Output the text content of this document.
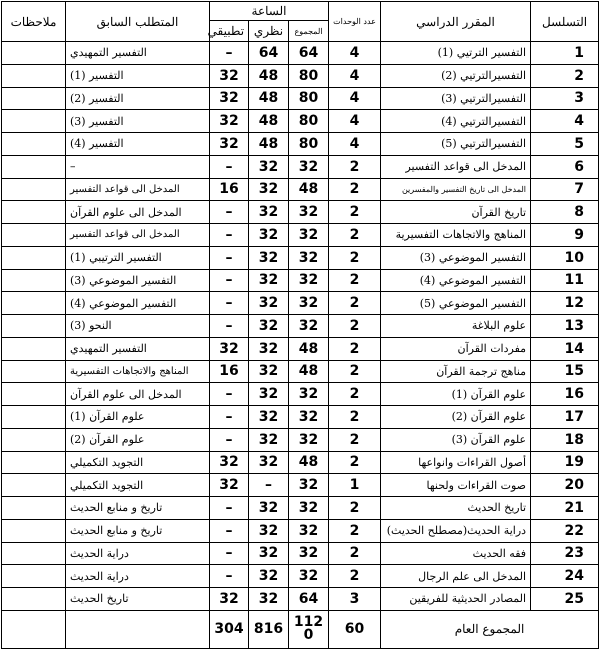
التسلسل	المقرر الدراسي	عدد الوحدات	الساعة			المتطلب السابق	ملاحظات
			المجموع	نظري	تطبيقي		
1	التفسير الترتيي (1)	4	64	64	–	التفسير التمهيدي	
2	التفسيرالترتيي (2)	4	80	48	32	التفسير (1)	
3	التفسيرالترتيي (3)	4	80	48	32	التفسير (2)	
4	التفسيرالترتيي (4)	4	80	48	32	التفسير (3)	
5	التفسيرالترتيي (5)	4	80	48	32	التفسير (4)	
6	المدخل الى قواعد التفسير	2	32	32	–	–	
7	المدخل الى تاريخ التفسير والمفسرين	2	48	32	16	المدخل الى قواعد التفسير	
8	تاريخ القرآن	2	32	32	–	المدخل الى علوم القرآن	
9	المناهج والاتجاهات التفسيرية	2	32	32	–	المدخل الى قواعد التفسير	
10	التفسير الموضوعي (3)	2	32	32	–	التفسير الترتيبي (1)	
11	التفسير الموضوعي (4)	2	32	32	–	التفسير الموضوعي (3)	
12	التفسير الموضوعي (5)	2	32	32	–	التفسير الموضوعي (4)	
13	علوم البلاغة	2	32	32	–	النحو (3)	
14	مفردات القرآن	2	48	32	32	التفسير التمهيدي	
15	مناهج ترجمة القرآن	2	48	32	16	المناهج والاتجاهات التفسيرية	
16	علوم القرآن (1)	2	32	32	–	المدخل الى علوم القرآن	
17	علوم القرآن (2)	2	32	32	–	علوم القرآن (1)	
18	علوم القرآن (3)	2	32	32	–	علوم القرآن (2)	
19	أصول القراءات وانواعها	2	48	32	32	التجويد التكميلي	
20	صوت القراءات ولحنها	1	32	–	32	التجويد التكميلي	
21	تاريخ الحديث	2	32	32	–	تاريخ و منابع الحديث	
22	دراية الحديث(مصطلح الحديث)	2	32	32	–	تاريخ و منابع الحديث	
23	فقه الحديث	2	32	32	–	دراية الحديث	
24	المدخل الى علم الرجال	2	32	32	–	دراية الحديث	
25	المصادر الحديثية للفريقين	3	64	32	32	تاريخ الحديث	
المجموع العام		60	1120	816	304		
